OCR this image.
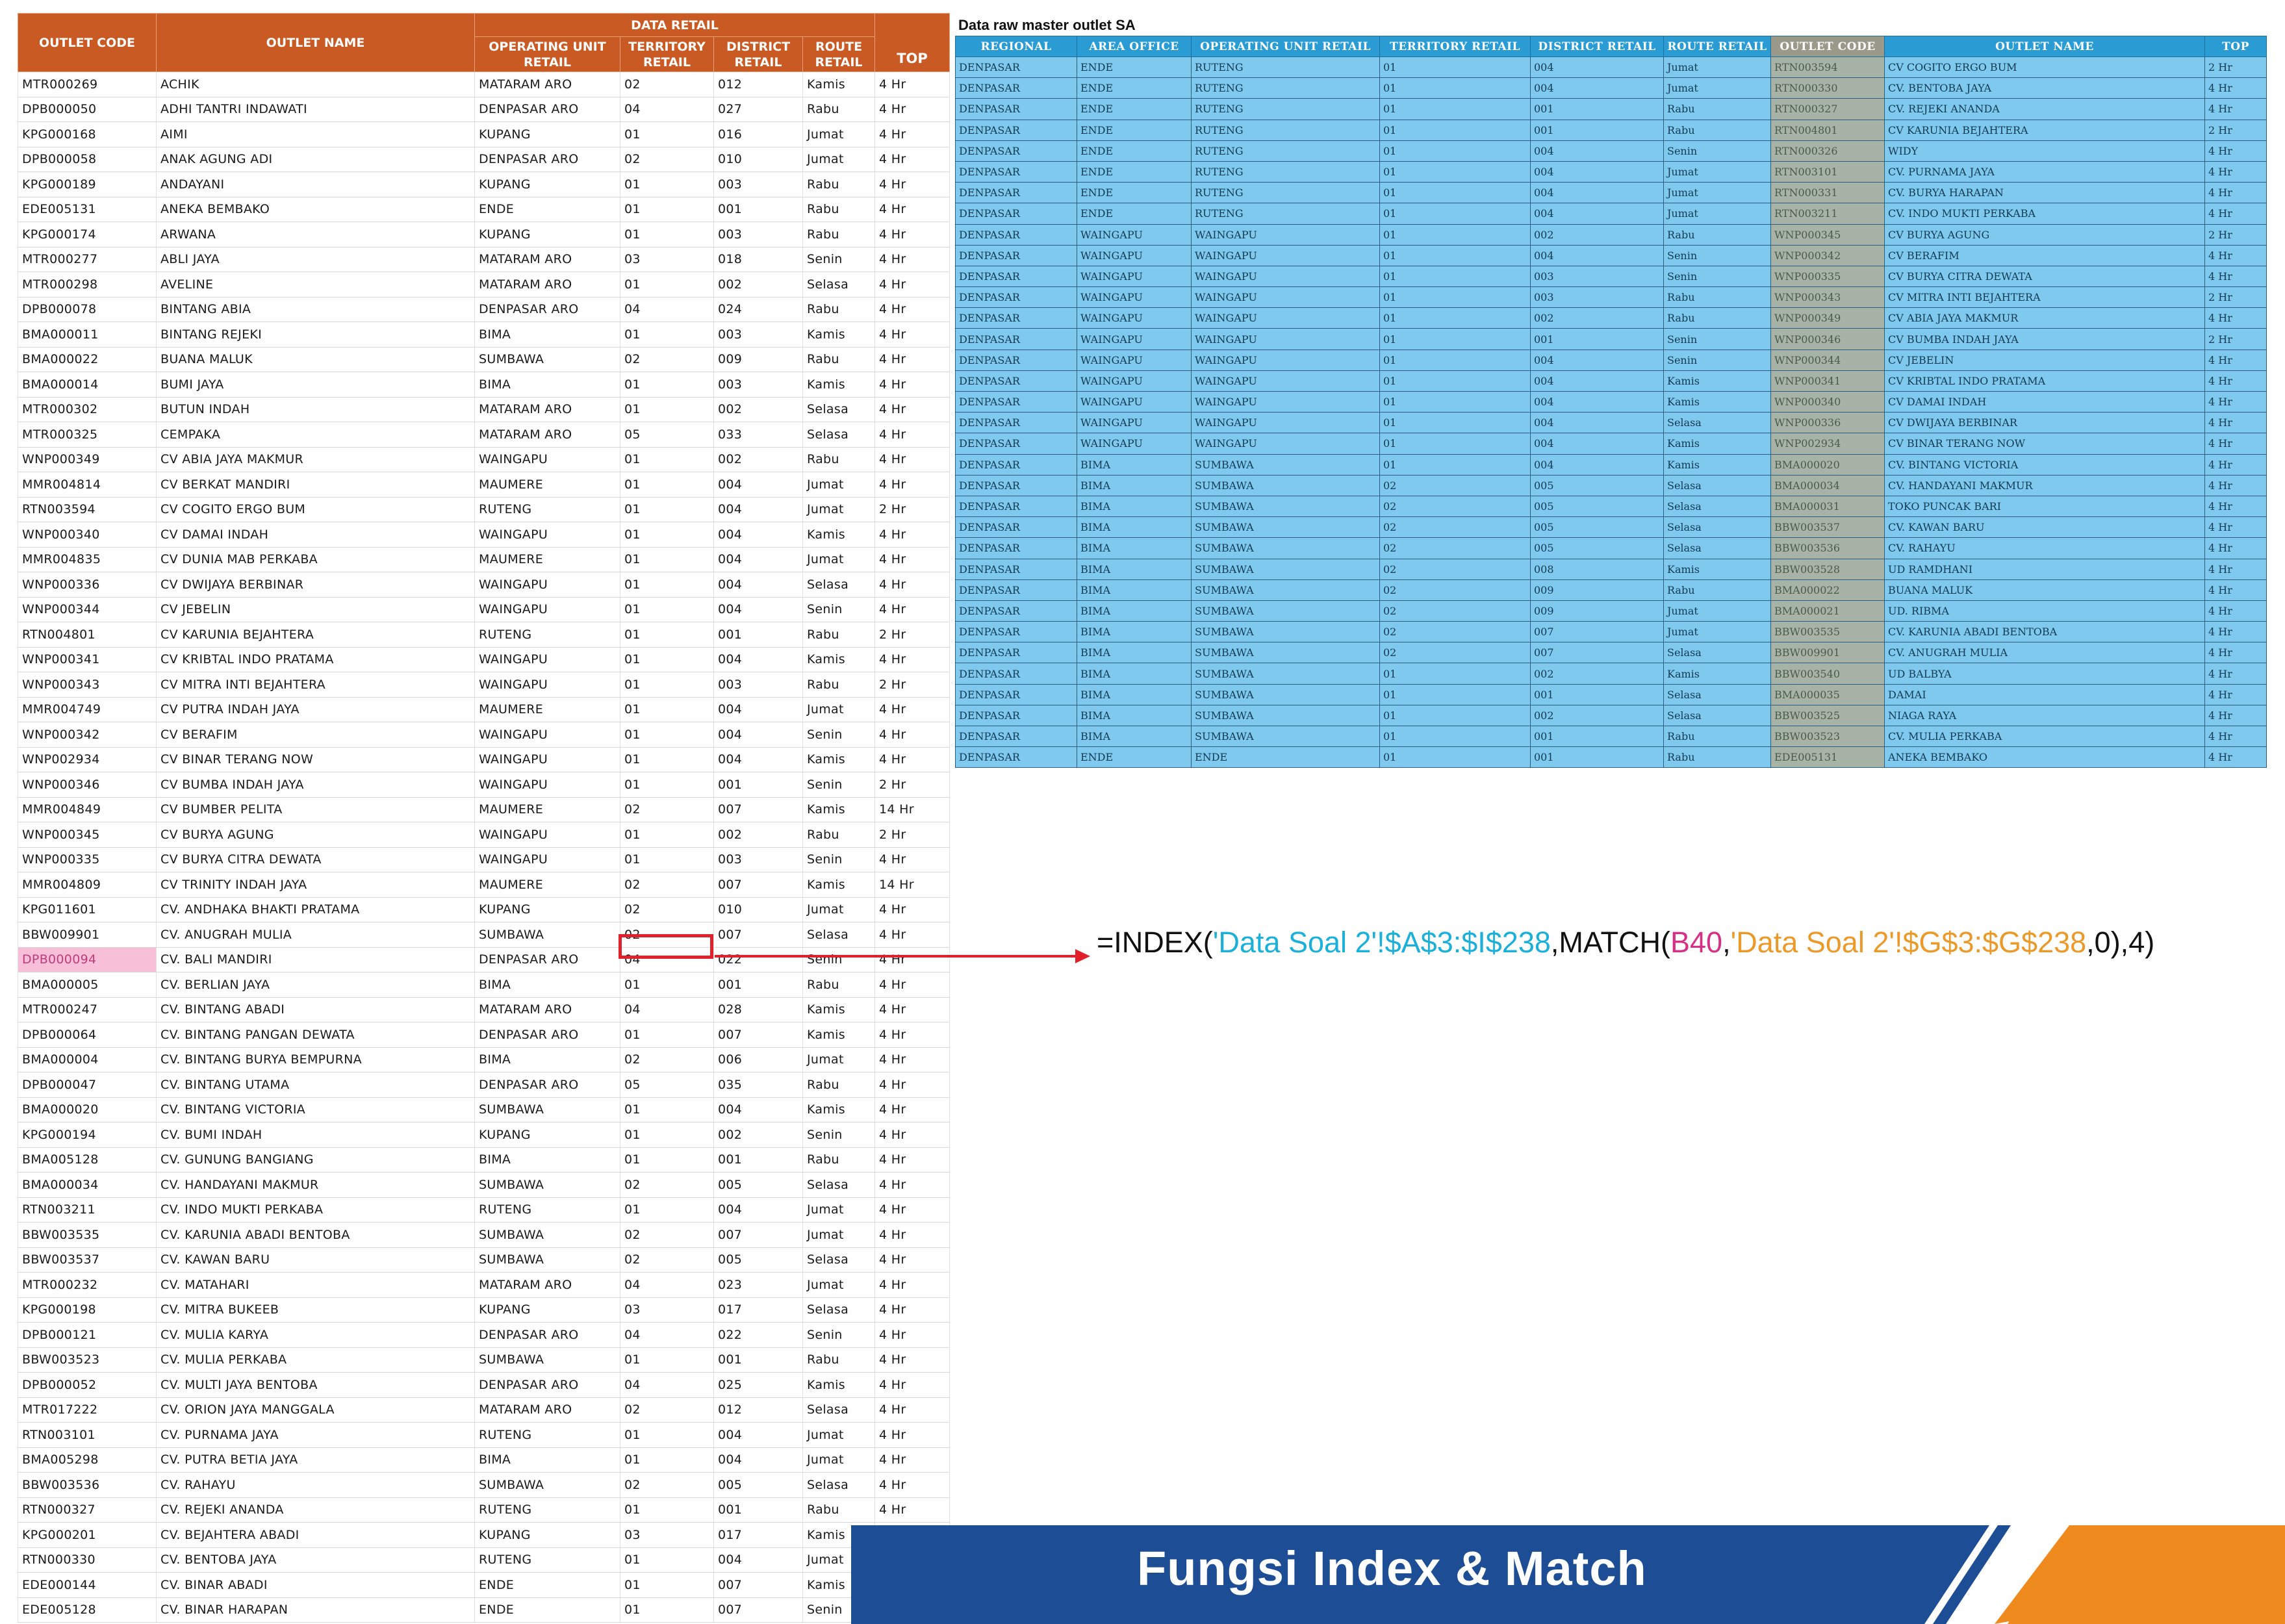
OUTLET CODE	OUTLET NAME	DATA RETAIL				TOP
		OPERATING UNIT RETAIL	TERRITORY RETAIL	DISTRICT RETAIL	ROUTE RETAIL	
MTR000269	ACHIK	MATARAM ARO	02	012	Kamis	4 Hr
DPB000050	ADHI TANTRI INDAWATI	DENPASAR ARO	04	027	Rabu	4 Hr
KPG000168	AIMI	KUPANG	01	016	Jumat	4 Hr
DPB000058	ANAK AGUNG ADI	DENPASAR ARO	02	010	Jumat	4 Hr
KPG000189	ANDAYANI	KUPANG	01	003	Rabu	4 Hr
EDE005131	ANEKA BEMBAKO	ENDE	01	001	Rabu	4 Hr
KPG000174	ARWANA	KUPANG	01	003	Rabu	4 Hr
MTR000277	ABLI JAYA	MATARAM ARO	03	018	Senin	4 Hr
MTR000298	AVELINE	MATARAM ARO	01	002	Selasa	4 Hr
DPB000078	BINTANG ABIA	DENPASAR ARO	04	024	Rabu	4 Hr
BMA000011	BINTANG REJEKI	BIMA	01	003	Kamis	4 Hr
BMA000022	BUANA MALUK	SUMBAWA	02	009	Rabu	4 Hr
BMA000014	BUMI JAYA	BIMA	01	003	Kamis	4 Hr
MTR000302	BUTUN INDAH	MATARAM ARO	01	002	Selasa	4 Hr
MTR000325	CEMPAKA	MATARAM ARO	05	033	Selasa	4 Hr
WNP000349	CV ABIA JAYA MAKMUR	WAINGAPU	01	002	Rabu	4 Hr
MMR004814	CV BERKAT MANDIRI	MAUMERE	01	004	Jumat	4 Hr
RTN003594	CV COGITO ERGO BUM	RUTENG	01	004	Jumat	2 Hr
WNP000340	CV DAMAI INDAH	WAINGAPU	01	004	Kamis	4 Hr
MMR004835	CV DUNIA MAB PERKABA	MAUMERE	01	004	Jumat	4 Hr
WNP000336	CV DWIJAYA BERBINAR	WAINGAPU	01	004	Selasa	4 Hr
WNP000344	CV JEBELIN	WAINGAPU	01	004	Senin	4 Hr
RTN004801	CV KARUNIA BEJAHTERA	RUTENG	01	001	Rabu	2 Hr
WNP000341	CV KRIBTAL INDO PRATAMA	WAINGAPU	01	004	Kamis	4 Hr
WNP000343	CV MITRA INTI BEJAHTERA	WAINGAPU	01	003	Rabu	2 Hr
MMR004749	CV PUTRA INDAH JAYA	MAUMERE	01	004	Jumat	4 Hr
WNP000342	CV BERAFIM	WAINGAPU	01	004	Senin	4 Hr
WNP002934	CV BINAR TERANG NOW	WAINGAPU	01	004	Kamis	4 Hr
WNP000346	CV BUMBA INDAH JAYA	WAINGAPU	01	001	Senin	2 Hr
MMR004849	CV BUMBER PELITA	MAUMERE	02	007	Kamis	14 Hr
WNP000345	CV BURYA AGUNG	WAINGAPU	01	002	Rabu	2 Hr
WNP000335	CV BURYA CITRA DEWATA	WAINGAPU	01	003	Senin	4 Hr
MMR004809	CV TRINITY INDAH JAYA	MAUMERE	02	007	Kamis	14 Hr
KPG011601	CV. ANDHAKA BHAKTI PRATAMA	KUPANG	02	010	Jumat	4 Hr
BBW009901	CV. ANUGRAH MULIA	SUMBAWA	02	007	Selasa	4 Hr
DPB000094	CV. BALI MANDIRI	DENPASAR ARO	04	022	Senin	4 Hr
BMA000005	CV. BERLIAN JAYA	BIMA	01	001	Rabu	4 Hr
MTR000247	CV. BINTANG ABADI	MATARAM ARO	04	028	Kamis	4 Hr
DPB000064	CV. BINTANG PANGAN DEWATA	DENPASAR ARO	01	007	Kamis	4 Hr
BMA000004	CV. BINTANG BURYA BEMPURNA	BIMA	02	006	Jumat	4 Hr
DPB000047	CV. BINTANG UTAMA	DENPASAR ARO	05	035	Rabu	4 Hr
BMA000020	CV. BINTANG VICTORIA	SUMBAWA	01	004	Kamis	4 Hr
KPG000194	CV. BUMI INDAH	KUPANG	01	002	Senin	4 Hr
BMA005128	CV. GUNUNG BANGIANG	BIMA	01	001	Rabu	4 Hr
BMA000034	CV. HANDAYANI MAKMUR	SUMBAWA	02	005	Selasa	4 Hr
RTN003211	CV. INDO MUKTI PERKABA	RUTENG	01	004	Jumat	4 Hr
BBW003535	CV. KARUNIA ABADI BENTOBA	SUMBAWA	02	007	Jumat	4 Hr
BBW003537	CV. KAWAN BARU	SUMBAWA	02	005	Selasa	4 Hr
MTR000232	CV. MATAHARI	MATARAM ARO	04	023	Jumat	4 Hr
KPG000198	CV. MITRA BUKEEB	KUPANG	03	017	Selasa	4 Hr
DPB000121	CV. MULIA KARYA	DENPASAR ARO	04	022	Senin	4 Hr
BBW003523	CV. MULIA PERKABA	SUMBAWA	01	001	Rabu	4 Hr
DPB000052	CV. MULTI JAYA BENTOBA	DENPASAR ARO	04	025	Kamis	4 Hr
MTR017222	CV. ORION JAYA MANGGALA	MATARAM ARO	02	012	Selasa	4 Hr
RTN003101	CV. PURNAMA JAYA	RUTENG	01	004	Jumat	4 Hr
BMA005298	CV. PUTRA BETIA JAYA	BIMA	01	004	Jumat	4 Hr
BBW003536	CV. RAHAYU	SUMBAWA	02	005	Selasa	4 Hr
RTN000327	CV. REJEKI ANANDA	RUTENG	01	001	Rabu	4 Hr
KPG000201	CV. BEJAHTERA ABADI	KUPANG	03	017	Kamis	
RTN000330	CV. BENTOBA JAYA	RUTENG	01	004	Jumat	
EDE000144	CV. BINAR ABADI	ENDE	01	007	Kamis	
EDE005128	CV. BINAR HARAPAN	ENDE	01	007	Senin	
Data raw master outlet SA
REGIONAL	AREA OFFICE	OPERATING UNIT RETAIL	TERRITORY RETAIL	DISTRICT RETAIL	ROUTE RETAIL	OUTLET CODE	OUTLET NAME	TOP
DENPASAR	ENDE	RUTENG	01	004	Jumat	RTN003594	CV COGITO ERGO BUM	2 Hr
DENPASAR	ENDE	RUTENG	01	004	Jumat	RTN000330	CV. BENTOBA JAYA	4 Hr
DENPASAR	ENDE	RUTENG	01	001	Rabu	RTN000327	CV. REJEKI ANANDA	4 Hr
DENPASAR	ENDE	RUTENG	01	001	Rabu	RTN004801	CV KARUNIA BEJAHTERA	2 Hr
DENPASAR	ENDE	RUTENG	01	004	Senin	RTN000326	WIDY	4 Hr
DENPASAR	ENDE	RUTENG	01	004	Jumat	RTN003101	CV. PURNAMA JAYA	4 Hr
DENPASAR	ENDE	RUTENG	01	004	Jumat	RTN000331	CV. BURYA HARAPAN	4 Hr
DENPASAR	ENDE	RUTENG	01	004	Jumat	RTN003211	CV. INDO MUKTI PERKABA	4 Hr
DENPASAR	WAINGAPU	WAINGAPU	01	002	Rabu	WNP000345	CV BURYA AGUNG	2 Hr
DENPASAR	WAINGAPU	WAINGAPU	01	004	Senin	WNP000342	CV BERAFIM	4 Hr
DENPASAR	WAINGAPU	WAINGAPU	01	003	Senin	WNP000335	CV BURYA CITRA DEWATA	4 Hr
DENPASAR	WAINGAPU	WAINGAPU	01	003	Rabu	WNP000343	CV MITRA INTI BEJAHTERA	2 Hr
DENPASAR	WAINGAPU	WAINGAPU	01	002	Rabu	WNP000349	CV ABIA JAYA MAKMUR	4 Hr
DENPASAR	WAINGAPU	WAINGAPU	01	001	Senin	WNP000346	CV BUMBA INDAH JAYA	2 Hr
DENPASAR	WAINGAPU	WAINGAPU	01	004	Senin	WNP000344	CV JEBELIN	4 Hr
DENPASAR	WAINGAPU	WAINGAPU	01	004	Kamis	WNP000341	CV KRIBTAL INDO PRATAMA	4 Hr
DENPASAR	WAINGAPU	WAINGAPU	01	004	Kamis	WNP000340	CV DAMAI INDAH	4 Hr
DENPASAR	WAINGAPU	WAINGAPU	01	004	Selasa	WNP000336	CV DWIJAYA BERBINAR	4 Hr
DENPASAR	WAINGAPU	WAINGAPU	01	004	Kamis	WNP002934	CV BINAR TERANG NOW	4 Hr
DENPASAR	BIMA	SUMBAWA	01	004	Kamis	BMA000020	CV. BINTANG VICTORIA	4 Hr
DENPASAR	BIMA	SUMBAWA	02	005	Selasa	BMA000034	CV. HANDAYANI MAKMUR	4 Hr
DENPASAR	BIMA	SUMBAWA	02	005	Selasa	BMA000031	TOKO PUNCAK BARI	4 Hr
DENPASAR	BIMA	SUMBAWA	02	005	Selasa	BBW003537	CV. KAWAN BARU	4 Hr
DENPASAR	BIMA	SUMBAWA	02	005	Selasa	BBW003536	CV. RAHAYU	4 Hr
DENPASAR	BIMA	SUMBAWA	02	008	Kamis	BBW003528	UD RAMDHANI	4 Hr
DENPASAR	BIMA	SUMBAWA	02	009	Rabu	BMA000022	BUANA MALUK	4 Hr
DENPASAR	BIMA	SUMBAWA	02	009	Jumat	BMA000021	UD. RIBMA	4 Hr
DENPASAR	BIMA	SUMBAWA	02	007	Jumat	BBW003535	CV. KARUNIA ABADI BENTOBA	4 Hr
DENPASAR	BIMA	SUMBAWA	02	007	Selasa	BBW009901	CV. ANUGRAH MULIA	4 Hr
DENPASAR	BIMA	SUMBAWA	01	002	Kamis	BBW003540	UD BALBYA	4 Hr
DENPASAR	BIMA	SUMBAWA	01	001	Selasa	BMA000035	DAMAI	4 Hr
DENPASAR	BIMA	SUMBAWA	01	002	Selasa	BBW003525	NIAGA RAYA	4 Hr
DENPASAR	BIMA	SUMBAWA	01	001	Rabu	BBW003523	CV. MULIA PERKABA	4 Hr
DENPASAR	ENDE	ENDE	01	001	Rabu	EDE005131	ANEKA BEMBAKO	4 Hr
=INDEX('Data Soal 2'!$A$3:$I$238,MATCH(B40,'Data Soal 2'!$G$3:$G$238,0),4)
Fungsi Index & Match
